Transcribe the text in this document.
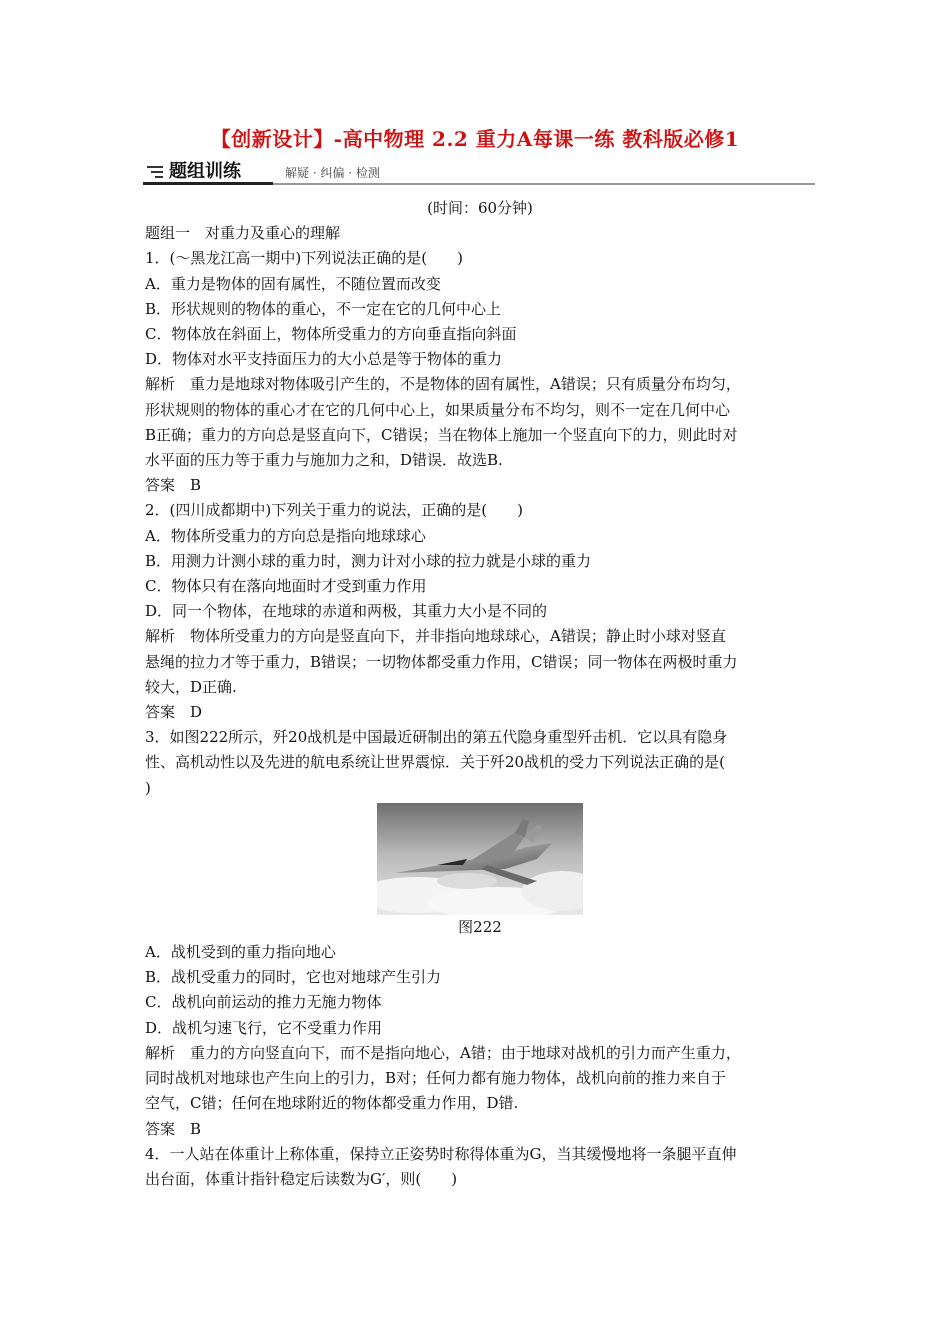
【创新设计】-高中物理 2.2 重力A每课一练 教科版必修1
题组训练	解疑 · 纠偏 · 检测

(时间：60分钟)

题组一　对重力及重心的理解

1．(～黑龙江高一期中)下列说法正确的是(　　)

A．重力是物体的固有属性，不随位置而改变

B．形状规则的物体的重心，不一定在它的几何中心上

C．物体放在斜面上，物体所受重力的方向垂直指向斜面

D．物体对水平支持面压力的大小总是等于物体的重力

解析　重力是地球对物体吸引产生的，不是物体的固有属性，A错误；只有质量分布均匀，

形状规则的物体的重心才在它的几何中心上，如果质量分布不均匀，则不一定在几何中心

B正确；重力的方向总是竖直向下，C错误；当在物体上施加一个竖直向下的力，则此时对

水平面的压力等于重力与施加力之和，D错误．故选B.

答案　B

2．(四川成都期中)下列关于重力的说法，正确的是(　　)

A．物体所受重力的方向总是指向地球球心

B．用测力计测小球的重力时，测力计对小球的拉力就是小球的重力

C．物体只有在落向地面时才受到重力作用

D．同一个物体，在地球的赤道和两极，其重力大小是不同的

解析　物体所受重力的方向是竖直向下，并非指向地球球心，A错误；静止时小球对竖直

悬绳的拉力才等于重力，B错误；一切物体都受重力作用，C错误；同一物体在两极时重力

较大，D正确.

答案　D

3．如图222所示，歼20战机是中国最近研制出的第五代隐身重型歼击机．它以具有隐身

性、高机动性以及先进的航电系统让世界震惊．关于歼20战机的受力下列说法正确的是(

)

图222

A．战机受到的重力指向地心

B．战机受重力的同时，它也对地球产生引力

C．战机向前运动的推力无施力物体

D．战机匀速飞行，它不受重力作用

解析　重力的方向竖直向下，而不是指向地心，A错；由于地球对战机的引力而产生重力，

同时战机对地球也产生向上的引力，B对；任何力都有施力物体，战机向前的推力来自于

空气，C错；任何在地球附近的物体都受重力作用，D错.

答案　B

4．一人站在体重计上称体重，保持立正姿势时称得体重为G，当其缓慢地将一条腿平直伸

出台面，体重计指针稳定后读数为G′，则(　　)
